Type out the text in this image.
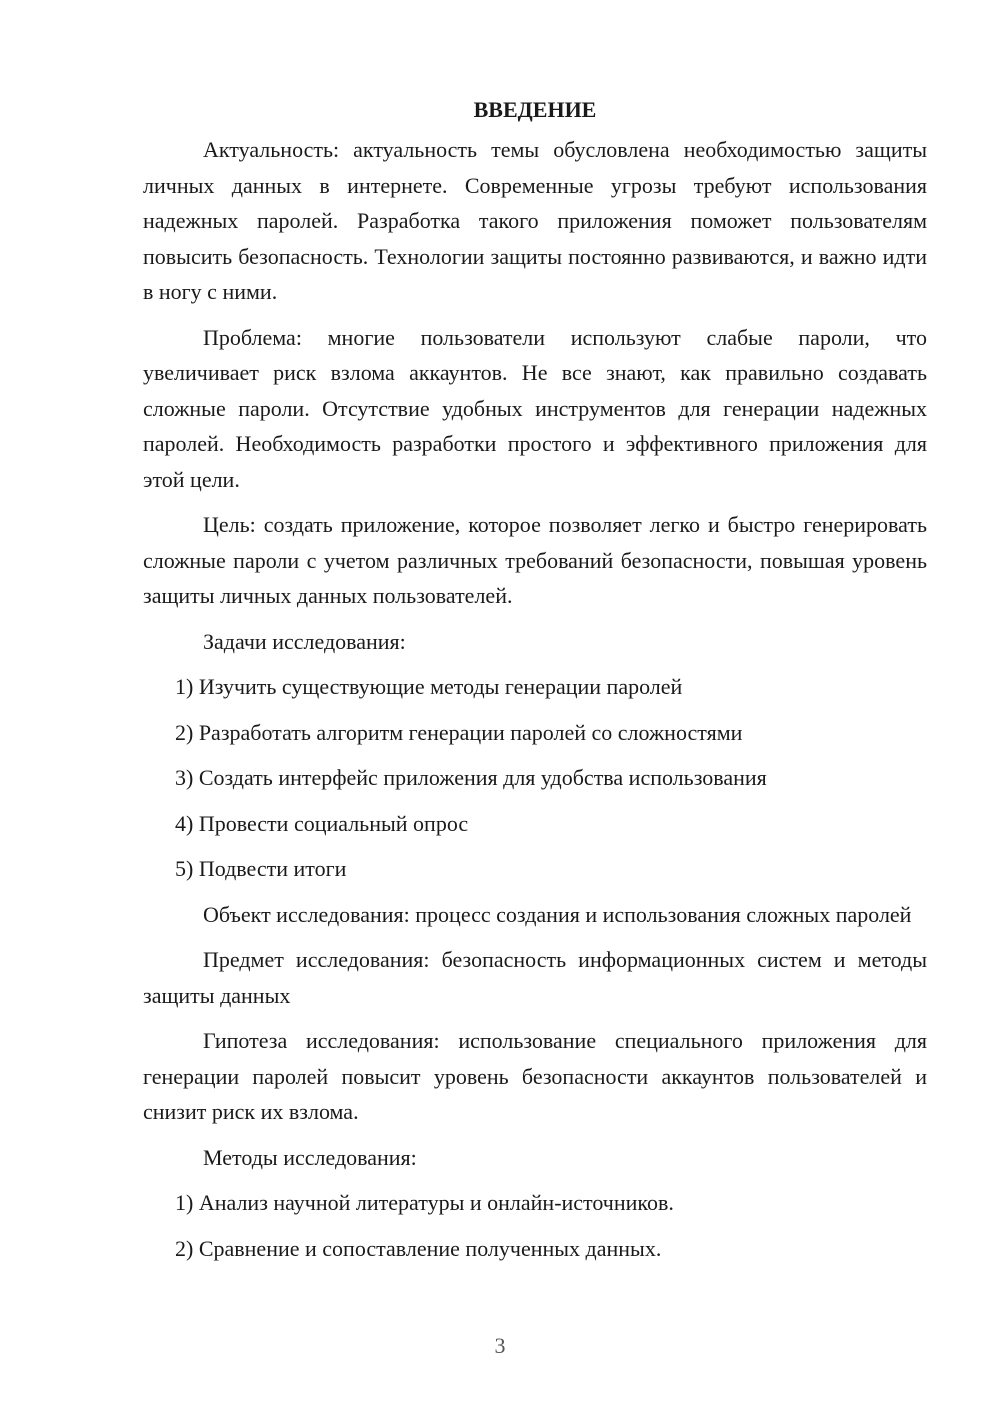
ВВЕДЕНИЕ

Актуальность: актуальность темы обусловлена необходимостью защиты личных данных в интернете. Современные угрозы требуют использования надежных паролей. Разработка такого приложения поможет пользователям повысить безопасность. Технологии защиты постоянно развиваются, и важно идти в ногу с ними.

Проблема: многие пользователи используют слабые пароли, что увеличивает риск взлома аккаунтов. Не все знают, как правильно создавать сложные пароли. Отсутствие удобных инструментов для генерации надежных паролей. Необходимость разработки простого и эффективного приложения для этой цели.

Цель: создать приложение, которое позволяет легко и быстро генерировать сложные пароли с учетом различных требований безопасности, повышая уровень защиты личных данных пользователей.

Задачи исследования:

1) Изучить существующие методы генерации паролей
2) Разработать алгоритм генерации паролей со сложностями
3) Создать интерфейс приложения для удобства использования
4) Провести социальный опрос
5) Подвести итоги

Объект исследования: процесс создания и использования сложных паролей

Предмет исследования: безопасность информационных систем и методы защиты данных

Гипотеза исследования: использование специального приложения для генерации паролей повысит уровень безопасности аккаунтов пользователей и снизит риск их взлома.

Методы исследования:

1) Анализ научной литературы и онлайн-источников.
2) Сравнение и сопоставление полученных данных.
3
